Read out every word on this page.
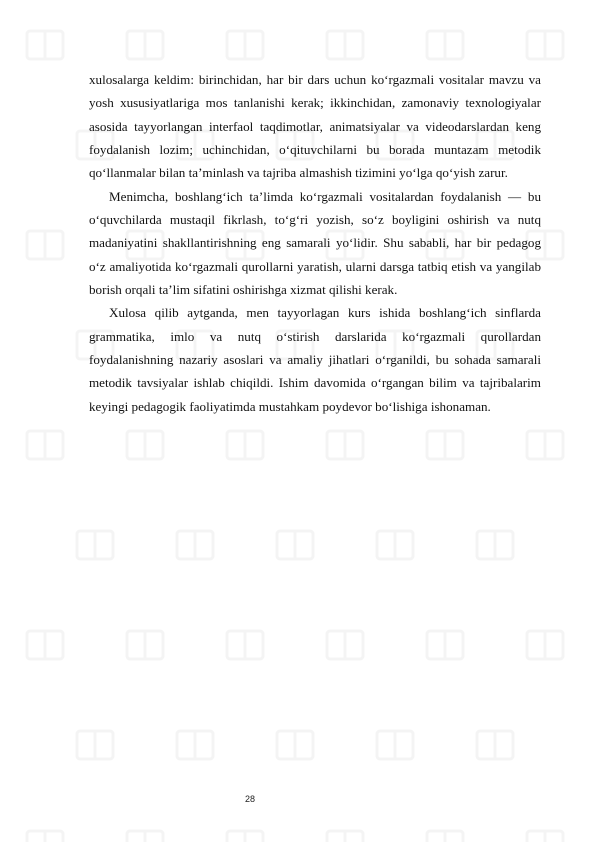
xulosalarga keldim: birinchidan, har bir dars uchun ko‘rgazmali vositalar mavzu va yosh xususiyatlariga mos tanlanishi kerak; ikkinchidan, zamonaviy texnologiyalar asosida tayyorlangan interfaol taqdimotlar, animatsiyalar va videodarslardan keng foydalanish lozim; uchinchidan, o‘qituvchilarni bu borada muntazam metodik qo‘llanmalar bilan ta’minlash va tajriba almashish tizimini yo‘lga qo‘yish zarur.

Menimcha, boshlang‘ich ta’limda ko‘rgazmali vositalardan foydalanish — bu o‘quvchilarda mustaqil fikrlash, to‘g‘ri yozish, so‘z boyligini oshirish va nutq madaniyatini shakllantirishning eng samarali yo‘lidir. Shu sababli, har bir pedagog o‘z amaliyotida ko‘rgazmali qurollarni yaratish, ularni darsga tatbiq etish va yangilab borish orqali ta’lim sifatini oshirishga xizmat qilishi kerak.

Xulosa qilib aytganda, men tayyorlagan kurs ishida boshlang‘ich sinflarda grammatika, imlo va nutq o‘stirish darslarida ko‘rgazmali qurollardan foydalanishning nazariy asoslari va amaliy jihatlari o‘rganildi, bu sohada samarali metodik tavsiyalar ishlab chiqildi. Ishim davomida o‘rgangan bilim va tajribalarim keyingi pedagogik faoliyatimda mustahkam poydevor bo‘lishiga ishonaman.

28
